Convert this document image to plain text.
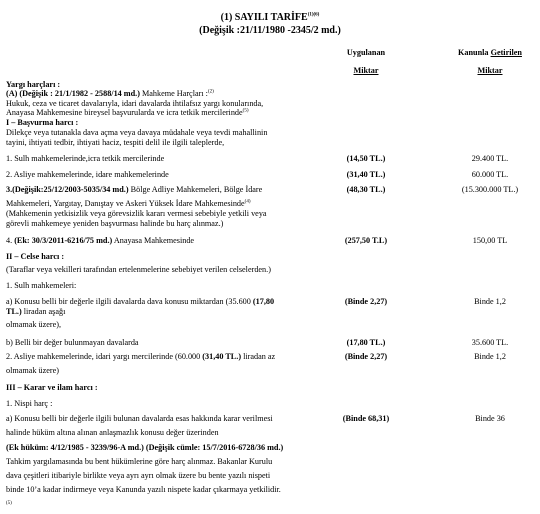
(1) SAYILI $TARİFE^{(1)(6)}$
(Değişik :21/11/1980 -2345/2 md.)
Uygulanan
Miktar
Kanunla Getirilen
Miktar
Yargı harçları :
(A) (Değişik : 21/1/1982 - 2588/14 md.) Mahkeme Harçları :$^{(2)}$
Hukuk, ceza ve ticaret davalarıyla, idari davalarda ihtilafsız yargı konularında,
Anayasa Mahkemesine bireysel başvurularda ve icra tetkik mercilerinde$^{(5)}$
I – Başvurma harcı :
Dilekçe veya tutanakla dava açma veya davaya müdahale veya tevdi mahallinin
tayini, ihtiyati tedbir, ihtiyati haciz, tespiti delil ile ilgili taleplerde,
1. Sulh mahkemelerinde,icra tetkik mercilerinde	(14,50 TL.)	29.400 TL.
2. Asliye mahkemelerinde, idare mahkemelerinde	(31,40 TL.)	60.000 TL.
3.(Değişik:25/12/2003-5035/34 md.) Bölge Adliye Mahkemeleri, Bölge İdare	(48,30 TL.)	(15.300.000 TL.)
Mahkemeleri, Yargıtay, Danıştay ve Askeri Yüksek İdare Mahkemesinde$^{(4)}$
(Mahkemenin yetkisizlik veya görevsizlik kararı vermesi sebebiyle yetkili veya
görevli mahkemeye yeniden başvurması halinde bu harç alınmaz.)
4. (Ek: 30/3/2011-6216/75 md.) Anayasa Mahkemesinde	(257,50 T.L)	150,00 TL
II – Celse harcı :
(Taraflar veya vekilleri tarafından ertelenmelerine sebebiyet verilen celselerden.)
1. Sulh mahkemeleri:
a) Konusu belli bir değerle ilgili davalarda dava konusu miktardan (35.600 (17,80
TL.) liradan aşağı
olmamak üzere),
(Binde 2,27)	Binde 1,2
b) Belli bir değer bulunmayan davalarda	(17,80 TL.)	35.600 TL.
2. Asliye mahkemelerinde, idari yargı mercilerinde (60.000 (31,40 TL.) liradan az
olmamak üzere)
(Binde 2,27)	Binde 1,2
III – Karar ve ilam harcı :
1. Nispi harç :
a) Konusu belli bir değerle ilgili bulunan davalarda esas hakkında karar verilmesi
halinde hüküm altına alınan anlaşmazlık konusu değer üzerinden
(Binde 68,31)	Binde 36
(Ek hüküm: 4/12/1985 - 3239/96-A md.) (Değişik cümle: 15/7/2016-6728/36 md.)
Tahkim yargılamasında bu bent hükümlerine göre harç alınmaz. Bakanlar Kurulu
dava çeşitleri itibariyle birlikte veya ayrı ayrı olmak üzere bu bente yazılı nispeti
binde 10’a kadar indirmeye veya Kanunda yazılı nispete kadar çıkarmaya yetkilidir.
(5)
